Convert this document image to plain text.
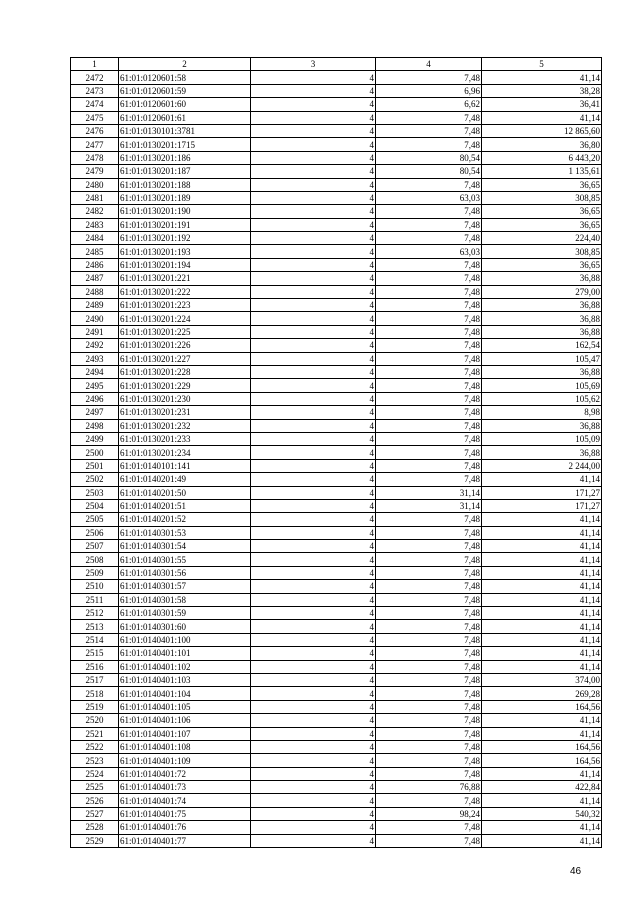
1	2	3	4	5
2472	61:01:0120601:58	4	7,48	41,14
2473	61:01:0120601:59	4	6,96	38,28
2474	61:01:0120601:60	4	6,62	36,41
2475	61:01:0120601:61	4	7,48	41,14
2476	61:01:0130101:3781	4	7,48	12 865,60
2477	61:01:0130201:1715	4	7,48	36,80
2478	61:01:0130201:186	4	80,54	6 443,20
2479	61:01:0130201:187	4	80,54	1 135,61
2480	61:01:0130201:188	4	7,48	36,65
2481	61:01:0130201:189	4	63,03	308,85
2482	61:01:0130201:190	4	7,48	36,65
2483	61:01:0130201:191	4	7,48	36,65
2484	61:01:0130201:192	4	7,48	224,40
2485	61:01:0130201:193	4	63,03	308,85
2486	61:01:0130201:194	4	7,48	36,65
2487	61:01:0130201:221	4	7,48	36,88
2488	61:01:0130201:222	4	7,48	279,00
2489	61:01:0130201:223	4	7,48	36,88
2490	61:01:0130201:224	4	7,48	36,88
2491	61:01:0130201:225	4	7,48	36,88
2492	61:01:0130201:226	4	7,48	162,54
2493	61:01:0130201:227	4	7,48	105,47
2494	61:01:0130201:228	4	7,48	36,88
2495	61:01:0130201:229	4	7,48	105,69
2496	61:01:0130201:230	4	7,48	105,62
2497	61:01:0130201:231	4	7,48	8,98
2498	61:01:0130201:232	4	7,48	36,88
2499	61:01:0130201:233	4	7,48	105,09
2500	61:01:0130201:234	4	7,48	36,88
2501	61:01:0140101:141	4	7,48	2 244,00
2502	61:01:0140201:49	4	7,48	41,14
2503	61:01:0140201:50	4	31,14	171,27
2504	61:01:0140201:51	4	31,14	171,27
2505	61:01:0140201:52	4	7,48	41,14
2506	61:01:0140301:53	4	7,48	41,14
2507	61:01:0140301:54	4	7,48	41,14
2508	61:01:0140301:55	4	7,48	41,14
2509	61:01:0140301:56	4	7,48	41,14
2510	61:01:0140301:57	4	7,48	41,14
2511	61:01:0140301:58	4	7,48	41,14
2512	61:01:0140301:59	4	7,48	41,14
2513	61:01:0140301:60	4	7,48	41,14
2514	61:01:0140401:100	4	7,48	41,14
2515	61:01:0140401:101	4	7,48	41,14
2516	61:01:0140401:102	4	7,48	41,14
2517	61:01:0140401:103	4	7,48	374,00
2518	61:01:0140401:104	4	7,48	269,28
2519	61:01:0140401:105	4	7,48	164,56
2520	61:01:0140401:106	4	7,48	41,14
2521	61:01:0140401:107	4	7,48	41,14
2522	61:01:0140401:108	4	7,48	164,56
2523	61:01:0140401:109	4	7,48	164,56
2524	61:01:0140401:72	4	7,48	41,14
2525	61:01:0140401:73	4	76,88	422,84
2526	61:01:0140401:74	4	7,48	41,14
2527	61:01:0140401:75	4	98,24	540,32
2528	61:01:0140401:76	4	7,48	41,14
2529	61:01:0140401:77	4	7,48	41,14
46
